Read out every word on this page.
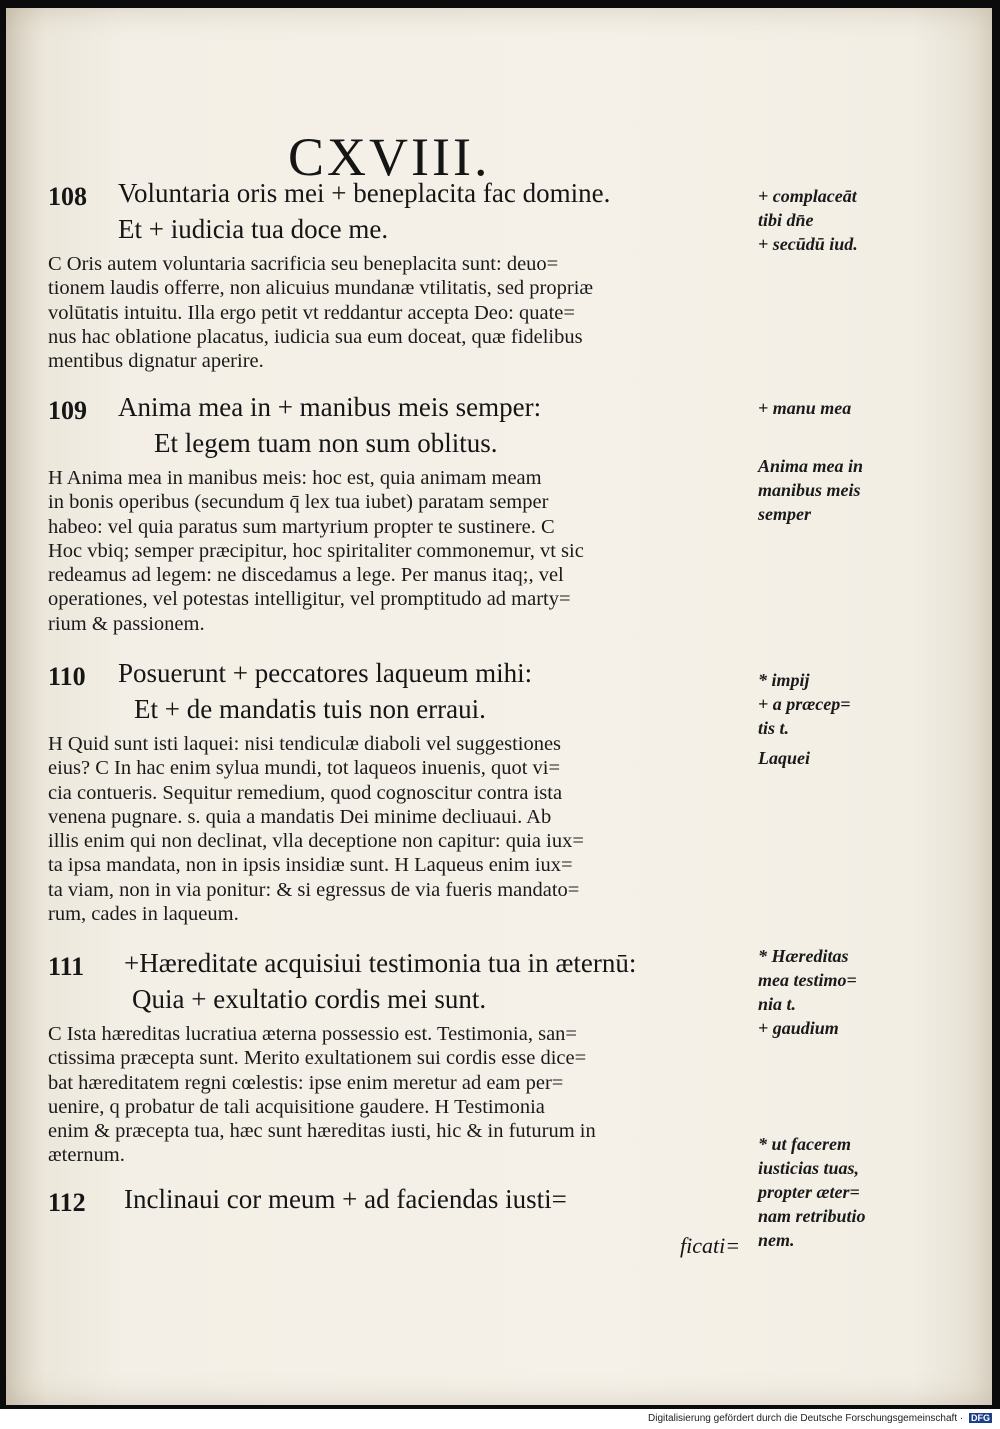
CXVIII.
108 Voluntaria oris mei + beneplacita fac domine.
Et + iudicia tua doce me.
C Oris autem voluntaria sacrificia seu beneplacita sunt: deuo=
tionem laudis offerre, non alicuius mundanæ vtilitatis, sed propriæ
volūtatis intuitu. Illa ergo petit vt reddantur accepta Deo: quate=
nus hac oblatione placatus, iudicia sua eum doceat, quæ fidelibus
mentibus dignatur aperire.
+ complaceāt
tibi dn̄e
+ secūdū iud.
109 Anima mea in + manibus meis semper:
Et legem tuam non sum oblitus.
H Anima mea in manibus meis: hoc est, quia animam meam
in bonis operibus (secundum q̄ lex tua iubet) paratam semper
habeo: vel quia paratus sum martyrium propter te sustinere. C
Hoc vbiq; semper præcipitur, hoc spiritaliter commonemur, vt sic
redeamus ad legem: ne discedamus a lege. Per manus itaq;, vel
operationes, vel potestas intelligitur, vel promptitudo ad marty=
rium & passionem.
+ manu mea
Anima mea in
manibus meis
semper
110 Posuerunt + peccatores laqueum mihi:
Et + de mandatis tuis non erraui.
H Quid sunt isti laquei: nisi tendiculæ diaboli vel suggestiones
eius? C In hac enim sylua mundi, tot laqueos inuenis, quot vi=
cia contueris. Sequitur remedium, quod cognoscitur contra ista
venena pugnare. s. quia a mandatis Dei minime decliuaui. Ab
illis enim qui non declinat, vlla deceptione non capitur: quia iux=
ta ipsa mandata, non in ipsis insidiæ sunt. H Laqueus enim iux=
ta viam, non in via ponitur: & si egressus de via fueris mandato=
rum, cades in laqueum.
* impij
+ a præcep=
tis t.
Laquei
111 +Hæreditate acquisiui testimonia tua in æternū:
Quia + exultatio cordis mei sunt.
C Ista hæreditas lucratiua æterna possessio est. Testimonia, san=
ctissima præcepta sunt. Merito exultationem sui cordis esse dice=
bat hæreditatem regni cœlestis: ipse enim meretur ad eam per=
uenire, q probatur de tali acquisitione gaudere. H Testimonia
enim & præcepta tua, hæc sunt hæreditas iusti, hic & in futurum in
æternum.
* Hæreditas
mea testimo=
nia t.
+ gaudium
112 Inclinaui cor meum + ad faciendas iusti=
* ut facerem
iusticias tuas,
propter æter=
nam retributio
nem.
ficati=
Digitalisierung gefördert durch die Deutsche Forschungsgemeinschaft · DFG
